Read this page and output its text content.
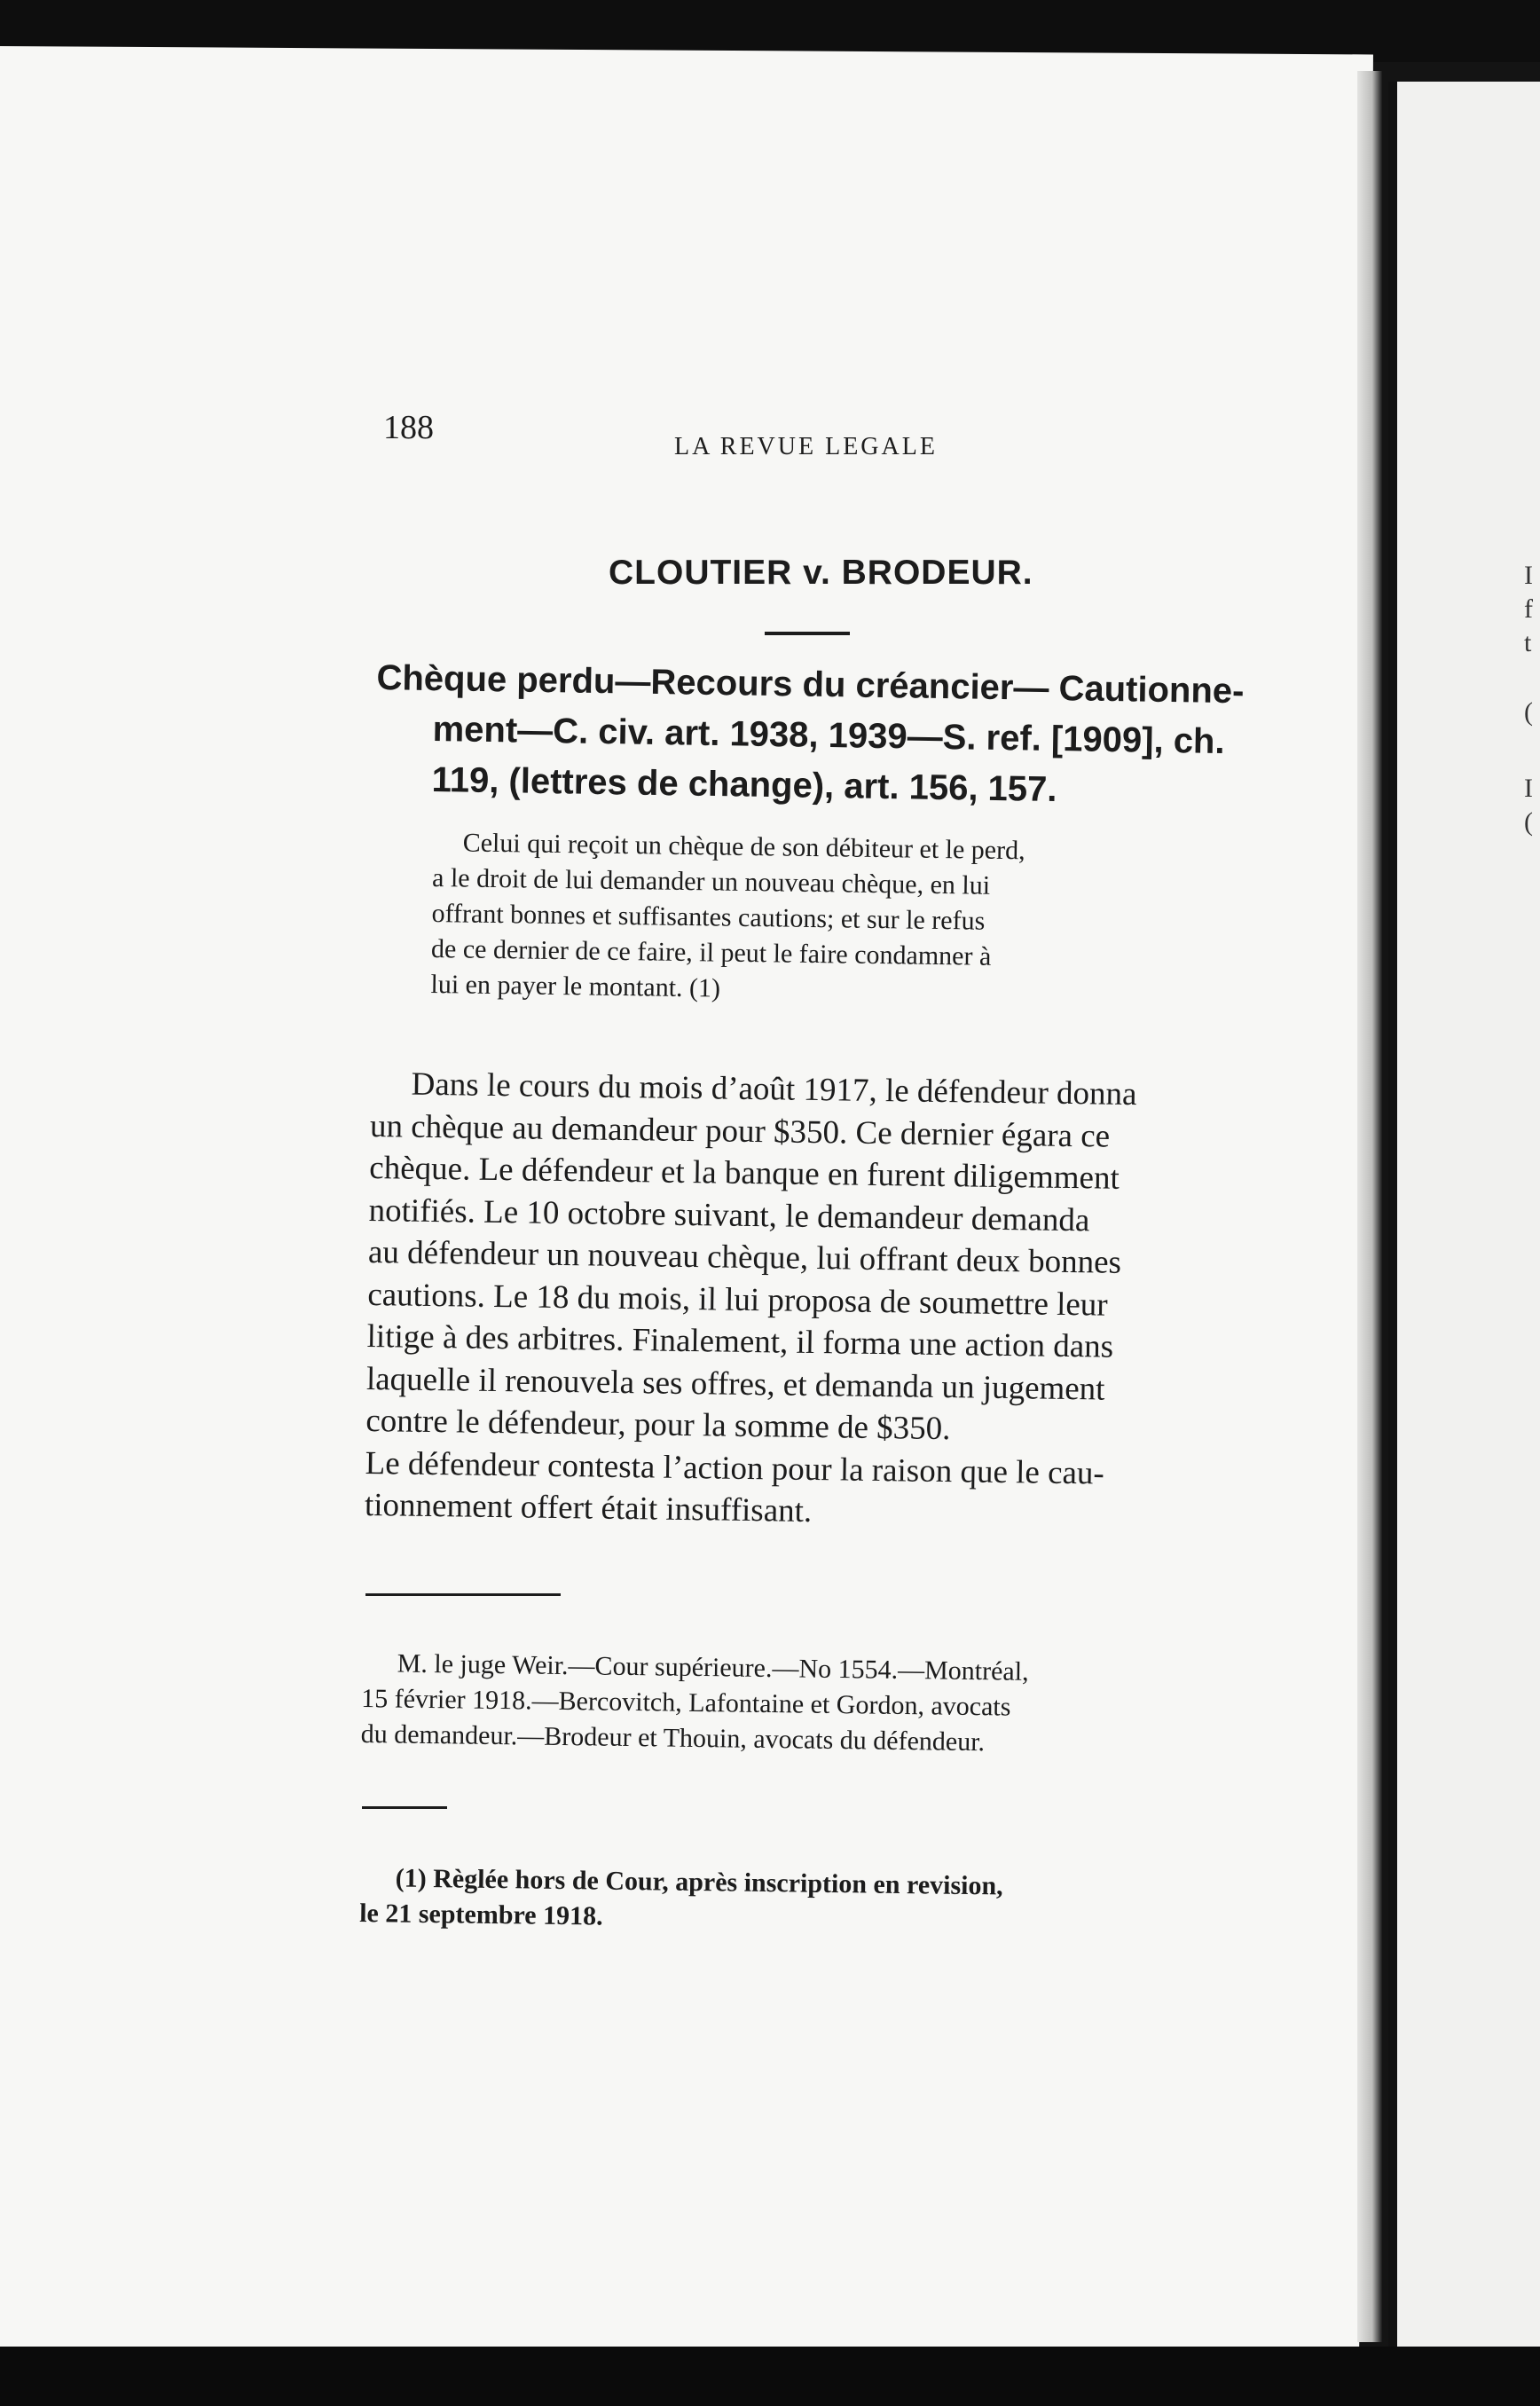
I
f
t
(
I
(
188
LA REVUE LEGALE
CLOUTIER v. BRODEUR.
Chèque perdu—Recours du créancier— Cautionne-
ment—C. civ. art. 1938, 1939—S. ref. [1909], ch.
119, (lettres de change), art. 156, 157.
Celui qui reçoit un chèque de son débiteur et le perd,
a le droit de lui demander un nouveau chèque, en lui
offrant bonnes et suffisantes cautions; et sur le refus
de ce dernier de ce faire, il peut le faire condamner à
lui en payer le montant. (1)
Dans le cours du mois d’août 1917, le défendeur donna
un chèque au demandeur pour $350. Ce dernier égara ce
chèque. Le défendeur et la banque en furent diligemment
notifiés. Le 10 octobre suivant, le demandeur demanda
au défendeur un nouveau chèque, lui offrant deux bonnes
cautions. Le 18 du mois, il lui proposa de soumettre leur
litige à des arbitres. Finalement, il forma une action dans
laquelle il renouvela ses offres, et demanda un jugement
contre le défendeur, pour la somme de $350.
Le défendeur contesta l’action pour la raison que le cau-
tionnement offert était insuffisant.
M. le juge Weir.—Cour supérieure.—No 1554.—Montréal,
15 février 1918.—Bercovitch, Lafontaine et Gordon, avocats
du demandeur.—Brodeur et Thouin, avocats du défendeur.
(1) Règlée hors de Cour, après inscription en revision,
le 21 septembre 1918.
